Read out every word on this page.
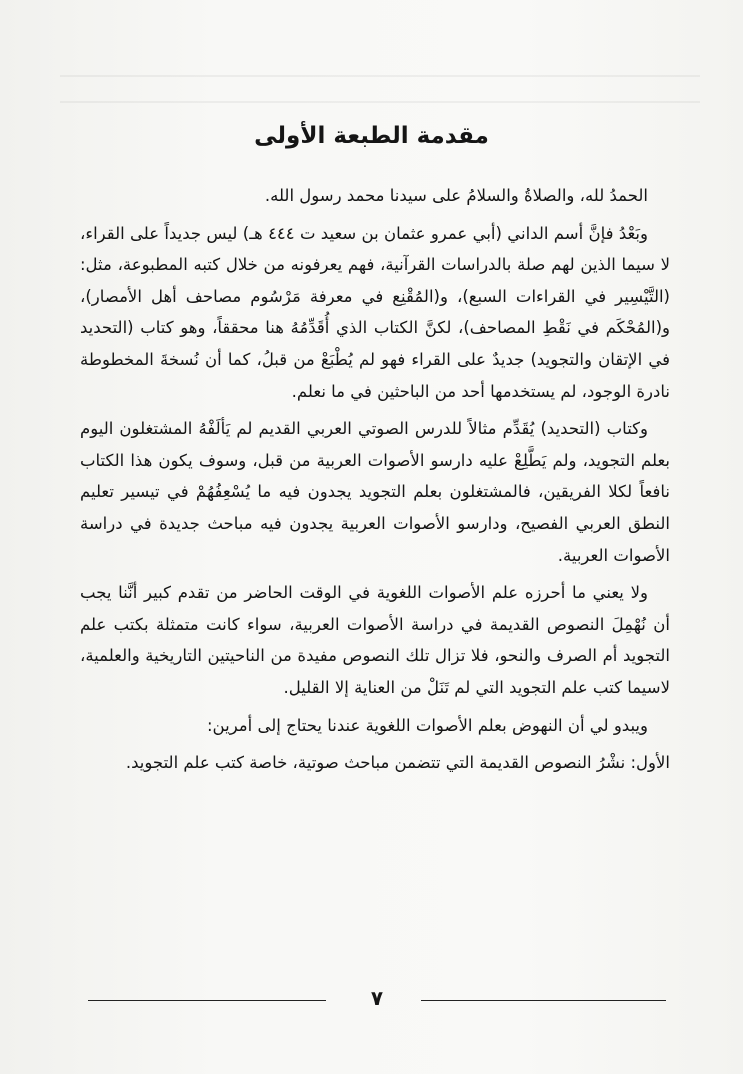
مقدمة الطبعة الأولى

الحمدُ لله، والصلاةُ والسلامُ على سيدنا محمد رسول الله.

وبَعْدُ فإنَّ أسم الداني (أبي عمرو عثمان بن سعيد ت ٤٤٤ هـ) ليس جديداً على القراء، لا سيما الذين لهم صلة بالدراسات القرآنية، فهم يعرفونه من خلال كتبه المطبوعة، مثل: (التَّيْسِير في القراءات السبع)، و(المُقْنِع في معرفة مَرْسُوم مصاحف أهل الأمصار)، و(المُحْكَم في نَقْطِ المصاحف)، لكنَّ الكتاب الذي أُقَدِّمُهُ هنا محققاً، وهو كتاب (التحديد في الإتقان والتجويد) جديدٌ على القراء فهو لم يُطْبَعْ من قبلُ، كما أن نُسخةَ المخطوطة نادرة الوجود، لم يستخدمها أحد من الباحثين في ما نعلم.

وكتاب (التحديد) يُقَدِّم مثالاً للدرس الصوتي العربي القديم لم يَألَفْهُ المشتغلون اليوم بعلم التجويد، ولم يَطَّلِعْ عليه دارسو الأصوات العربية من قبل، وسوف يكون هذا الكتاب نافعاً لكلا الفريقين، فالمشتغلون بعلم التجويد يجدون فيه ما يُسْعِفُهُمْ في تيسير تعليم النطق العربي الفصيح، ودارسو الأصوات العربية يجدون فيه مباحث جديدة في دراسة الأصوات العربية.

ولا يعني ما أحرزه علم الأصوات اللغوية في الوقت الحاضر من تقدم كبير أنَّنا يجب أن نُهْمِلَ النصوص القديمة في دراسة الأصوات العربية، سواء كانت متمثلة بكتب علم التجويد أم الصرف والنحو، فلا تزال تلك النصوص مفيدة من الناحيتين التاريخية والعلمية، لاسيما كتب علم التجويد التي لم تَنَلْ من العناية إلا القليل.

ويبدو لي أن النهوض بعلم الأصوات اللغوية عندنا يحتاج إلى أمرين:

الأول: نشْرُ النصوص القديمة التي تتضمن مباحث صوتية، خاصة كتب علم التجويد.

٧
